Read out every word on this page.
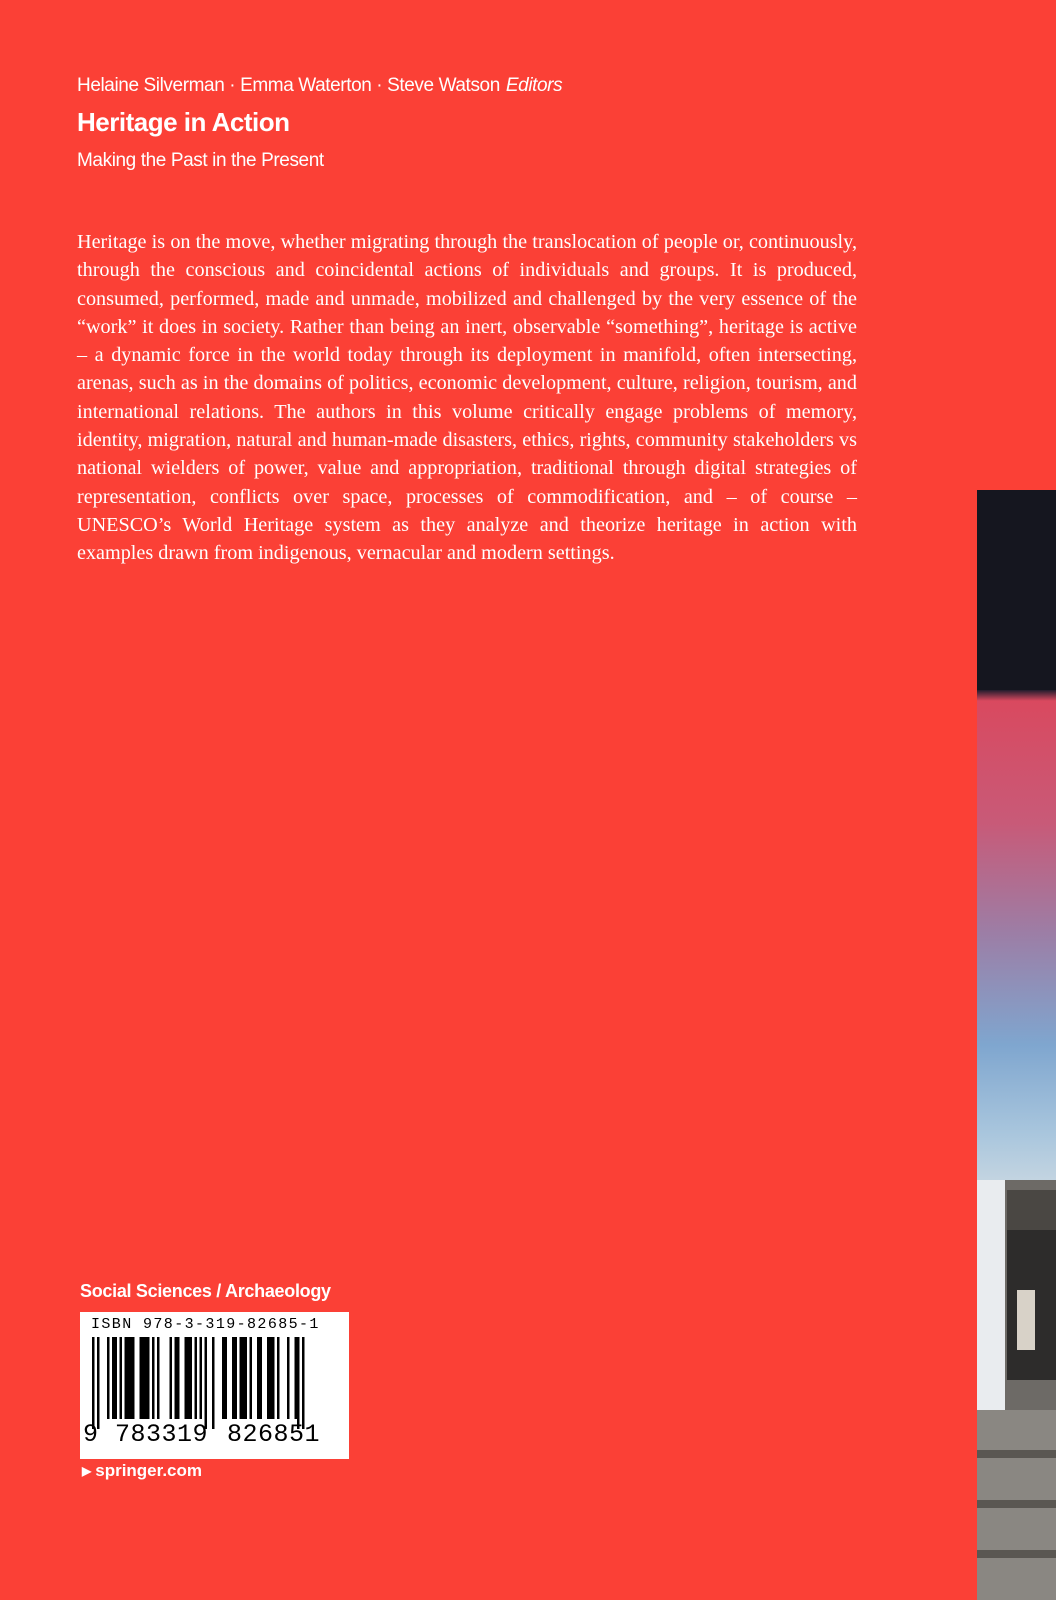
Helaine Silverman · Emma Waterton · Steve Watson Editors
Heritage in Action
Making the Past in the Present

Heritage is on the move, whether migrating through the translocation of people or, continuously, through the conscious and coincidental actions of individuals and groups. It is produced, consumed, performed, made and unmade, mobilized and challenged by the very essence of the “work” it does in society. Rather than being an inert, observable “something”, heritage is active – a dynamic force in the world today through its deployment in manifold, often intersecting, arenas, such as in the domains of politics, economic development, culture, religion, tourism, and international relations. The authors in this volume critically engage problems of memory, identity, migration, natural and human-made disasters, ethics, rights, community stakeholders vs national wielders of power, value and appropriation, traditional through digital strategies of representation, conflicts over space, processes of commodification, and – of course – UNESCO’s World Heritage system as they analyze and theorize heritage in action with examples drawn from indigenous, vernacular and modern settings.

Social Sciences / Archaeology
ISBN 978-3-319-82685-1
9 783319 826851
▶ springer.com
